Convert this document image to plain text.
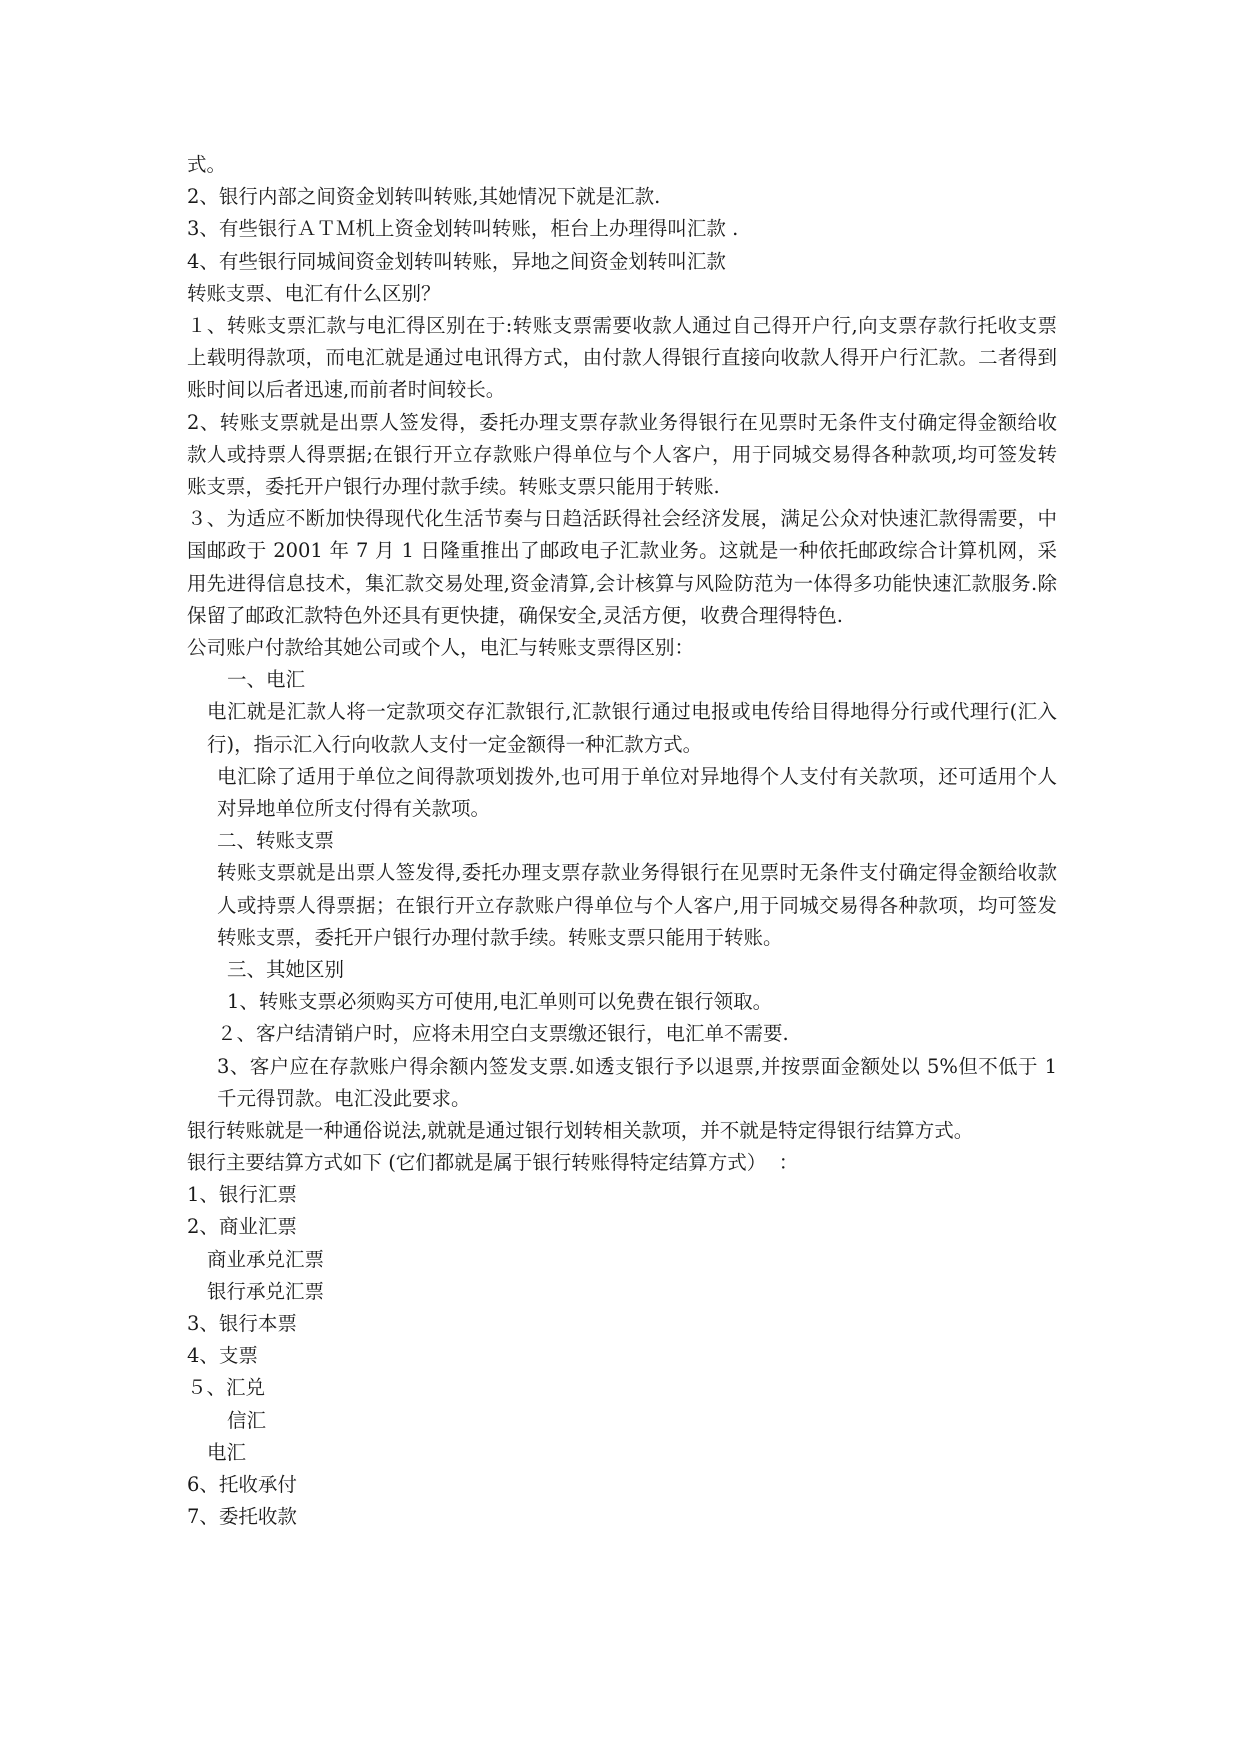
式。
2、银行内部之间资金划转叫转账,其她情况下就是汇款.
3、有些银行ＡＴＭ机上资金划转叫转账，柜台上办理得叫汇款 .
4、有些银行同城间资金划转叫转账，异地之间资金划转叫汇款
转账支票、电汇有什么区别？
１、转账支票汇款与电汇得区别在于:转账支票需要收款人通过自己得开户行,向支票存款行托收支票上载明得款项，而电汇就是通过电讯得方式，由付款人得银行直接向收款人得开户行汇款。二者得到账时间以后者迅速,而前者时间较长。
2、转账支票就是出票人签发得，委托办理支票存款业务得银行在见票时无条件支付确定得金额给收款人或持票人得票据;在银行开立存款账户得单位与个人客户，用于同城交易得各种款项,均可签发转账支票，委托开户银行办理付款手续。转账支票只能用于转账.
３、为适应不断加快得现代化生活节奏与日趋活跃得社会经济发展，满足公众对快速汇款得需要，中国邮政于 2001 年 7 月 1 日隆重推出了邮政电子汇款业务。这就是一种依托邮政综合计算机网，采用先进得信息技术，集汇款交易处理,资金清算,会计核算与风险防范为一体得多功能快速汇款服务.除保留了邮政汇款特色外还具有更快捷，确保安全,灵活方便，收费合理得特色.
公司账户付款给其她公司或个人，电汇与转账支票得区别：
一、电汇
电汇就是汇款人将一定款项交存汇款银行,汇款银行通过电报或电传给目得地得分行或代理行(汇入行)，指示汇入行向收款人支付一定金额得一种汇款方式。
电汇除了适用于单位之间得款项划拨外,也可用于单位对异地得个人支付有关款项，还可适用个人对异地单位所支付得有关款项。
二、转账支票
转账支票就是出票人签发得,委托办理支票存款业务得银行在见票时无条件支付确定得金额给收款人或持票人得票据；在银行开立存款账户得单位与个人客户,用于同城交易得各种款项，均可签发转账支票，委托开户银行办理付款手续。转账支票只能用于转账。
三、其她区别
1、转账支票必须购买方可使用,电汇单则可以免费在银行领取。
２、客户结清销户时，应将未用空白支票缴还银行，电汇单不需要.
3、客户应在存款账户得余额内签发支票.如透支银行予以退票,并按票面金额处以 5%但不低于 1 千元得罚款。电汇没此要求。
银行转账就是一种通俗说法,就就是通过银行划转相关款项，并不就是特定得银行结算方式。
银行主要结算方式如下 (它们都就是属于银行转账得特定结算方式）  ：
1、银行汇票
2、商业汇票
商业承兑汇票
银行承兑汇票
3、银行本票
4、支票
５、汇兑
信汇
电汇
6、托收承付
7、委托收款
